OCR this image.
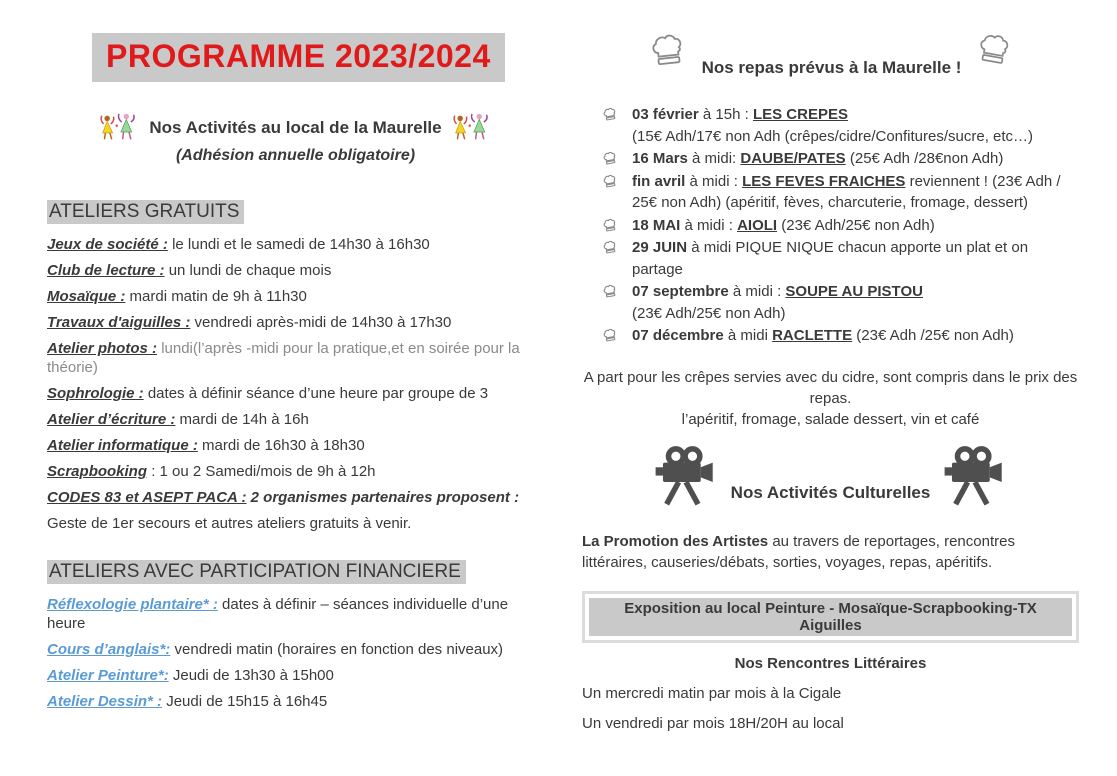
PROGRAMME 2023/2024
Nos Activités au local de la Maurelle
(Adhésion annuelle obligatoire)
ATELIERS GRATUITS
Jeux de société : le lundi et le samedi de 14h30 à 16h30
Club de lecture : un lundi de chaque mois
Mosaïque : mardi matin de 9h à 11h30
Travaux d'aiguilles : vendredi après-midi de 14h30 à 17h30
Atelier photos : lundi(l’après -midi pour la pratique,et en soirée pour la théorie)
Sophrologie : dates à définir séance d’une heure par groupe de 3
Atelier d’écriture : mardi de 14h à 16h
Atelier informatique : mardi de 16h30 à 18h30
Scrapbooking : 1 ou 2 Samedi/mois de 9h à 12h
CODES 83 et ASEPT PACA : 2 organismes partenaires proposent :
Geste de 1er secours et autres ateliers gratuits à venir.
ATELIERS AVEC PARTICIPATION FINANCIERE
Réflexologie plantaire* : dates à définir – séances individuelle d’une heure
Cours d’anglais*: vendredi matin (horaires en fonction des niveaux)
Atelier Peinture*: Jeudi de 13h30 à 15h00
Atelier Dessin* : Jeudi de 15h15 à 16h45
Nos repas prévus à la Maurelle !
03 février à 15h : LES CREPES
(15€ Adh/17€ non Adh (crêpes/cidre/Confitures/sucre, etc…)
16 Mars à midi: DAUBE/PATES (25€ Adh /28€non Adh)
fin avril à midi : LES FEVES FRAICHES reviennent ! (23€ Adh /
25€ non Adh) (apéritif, fèves, charcuterie, fromage, dessert)
18 MAI à midi : AIOLI (23€ Adh/25€ non Adh)
29 JUIN à midi PIQUE NIQUE chacun apporte un plat et on partage
07 septembre à midi : SOUPE AU PISTOU
(23€ Adh/25€ non Adh)
07 décembre à midi RACLETTE (23€ Adh /25€ non Adh)
A part pour les crêpes servies avec du cidre, sont compris dans le prix des repas.
l’apéritif, fromage, salade dessert, vin et café
Nos Activités Culturelles

La Promotion des Artistes au travers de reportages, rencontres littéraires, causeries/débats, sorties, voyages, repas, apéritifs.

Exposition au local Peinture - Mosaïque-Scrapbooking-TX Aiguilles
Nos Rencontres Littéraires
Un mercredi matin par mois à la Cigale
Un vendredi par mois 18H/20H au local
